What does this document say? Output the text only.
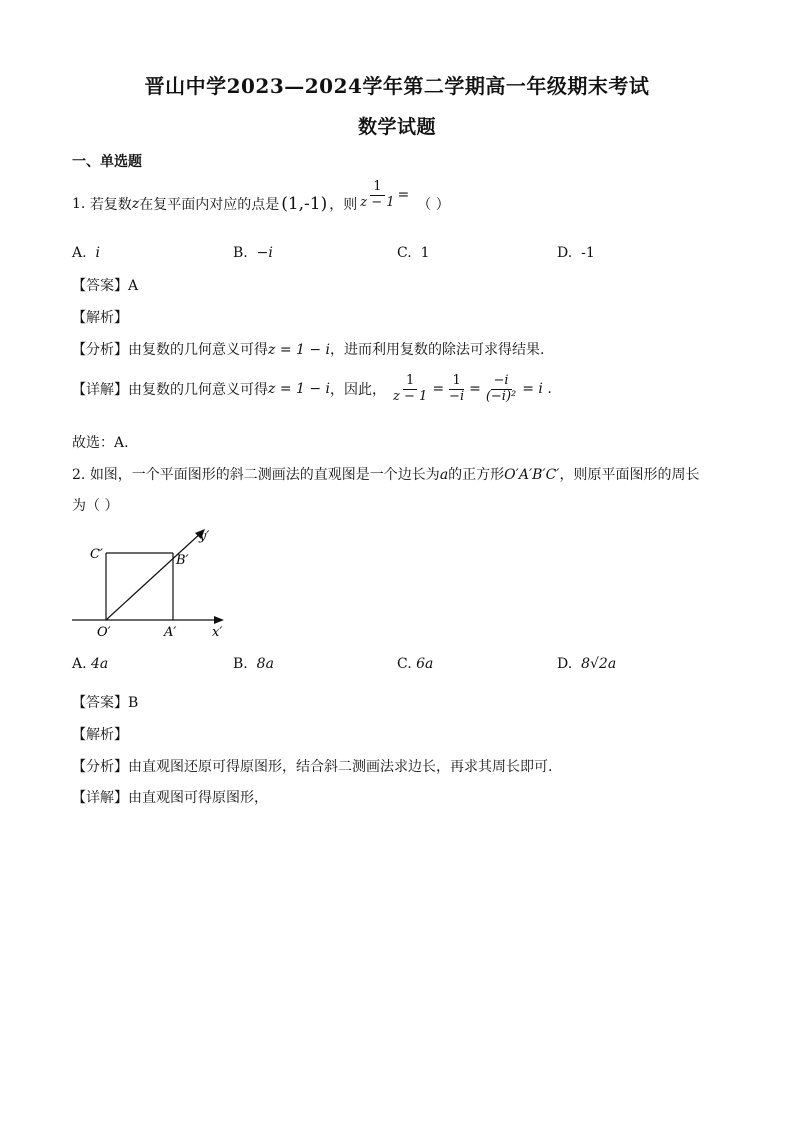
晋山中学2023—2024学年第二学期高一年级期末考试
数学试题
一、单选题
1.
若复数 z 在复平面内对应的点是 (1,-1) ，则 $\frac{1}{z - 1}$ =
（ ）
A. i	B. −i	C. 1	D. -1
【答案】A
【解析】
【分析】由复数的几何意义可得z = 1 − i，进而利用复数的除法可求得结果.
【详解】 由复数的几何意义可得 z = 1 − i ，因此， $\frac{1}{z - 1} = \frac{1}{-i} = \frac{-i}{\text{(−i)²}} = i$ .
故选：A.
2. 如图，一个平面图形的斜二测画法的直观图是一个边长为a的正方形O′A′B′C′，则原平面图形的周长
为（ ）
C′	B′
O′	A′	x′
y′
A. 4a	B. 8a	C. 6a	D. 8√2a
【答案】B
【解析】
【分析】由直观图还原可得原图形，结合斜二测画法求边长，再求其周长即可.
【详解】由直观图可得原图形，
